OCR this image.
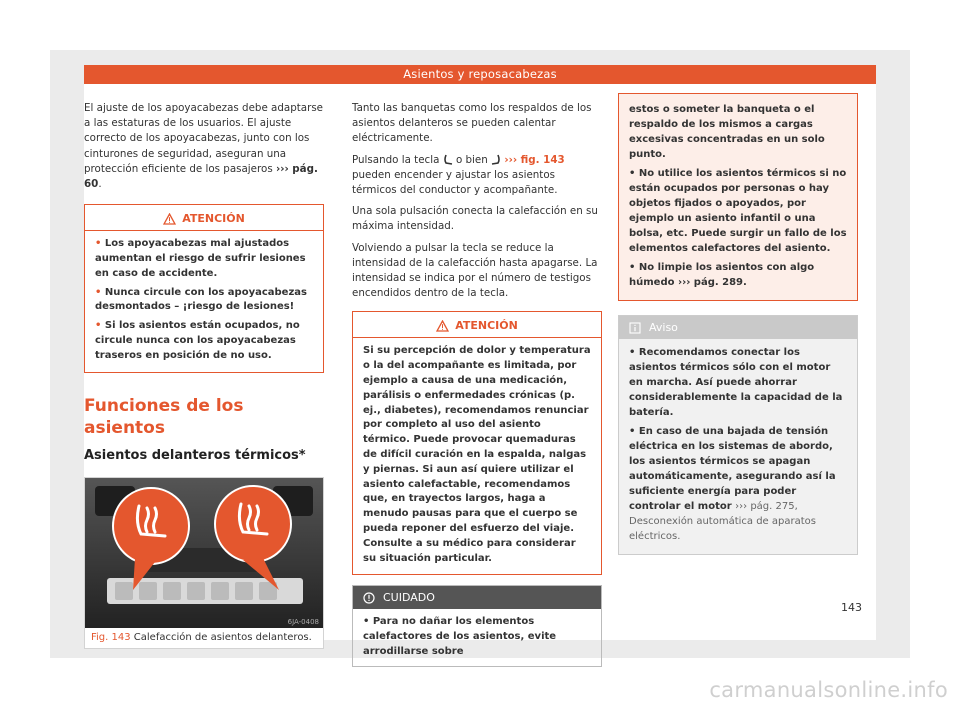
Asientos y reposacabezas

El ajuste de los apoyacabezas debe adaptarse a las estaturas de los usuarios. El ajuste correcto de los apoyacabezas, junto con los cinturones de seguridad, aseguran una protección eficiente de los pasajeros ››› pág. 60.

ATENCIÓN
• Los apoyacabezas mal ajustados aumentan el riesgo de sufrir lesiones en caso de accidente.
• Nunca circule con los apoyacabezas desmontados – ¡riesgo de lesiones!
• Si los asientos están ocupados, no circule nunca con los apoyacabezas traseros en posición de no uso.
Funciones de los asientos
Asientos delanteros térmicos*
6JA-0408
Fig. 143 Calefacción de asientos delanteros.

Tanto las banquetas como los respaldos de los asientos delanteros se pueden calentar eléctricamente.

Pulsando la tecla o bien ››› fig. 143 pueden encender y ajustar los asientos térmicos del conductor y acompañante.

Una sola pulsación conecta la calefacción en su máxima intensidad.

Volviendo a pulsar la tecla se reduce la intensidad de la calefacción hasta apagarse. La intensidad se indica por el número de testigos encendidos dentro de la tecla.

ATENCIÓN
Si su percepción de dolor y temperatura o la del acompañante es limitada, por ejemplo a causa de una medicación, parálisis o enfermedades crónicas (p. ej., diabetes), recomendamos renunciar por completo al uso del asiento térmico. Puede provocar quemaduras de difícil curación en la espalda, nalgas y piernas. Si aun así quiere utilizar el asiento calefactable, recomendamos que, en trayectos largos, haga a menudo pausas para que el cuerpo se pueda reponer del esfuerzo del viaje. Consulte a su médico para considerar su situación particular.
CUIDADO
• Para no dañar los elementos calefactores de los asientos, evite arrodillarse sobre
estos o someter la banqueta o el respaldo de los mismos a cargas excesivas concentradas en un solo punto.
• No utilice los asientos térmicos si no están ocupados por personas o hay objetos fijados o apoyados, por ejemplo un asiento infantil o una bolsa, etc. Puede surgir un fallo de los elementos calefactores del asiento.
• No limpie los asientos con algo húmedo ››› pág. 289.
Aviso
• Recomendamos conectar los asientos térmicos sólo con el motor en marcha. Así puede ahorrar considerablemente la capacidad de la batería.
• En caso de una bajada de tensión eléctrica en los sistemas de abordo, los asientos térmicos se apagan automáticamente, asegurando así la suficiente energía para poder controlar el motor ››› pág. 275, Desconexión automática de aparatos eléctricos.
143
carmanualsonline.info
